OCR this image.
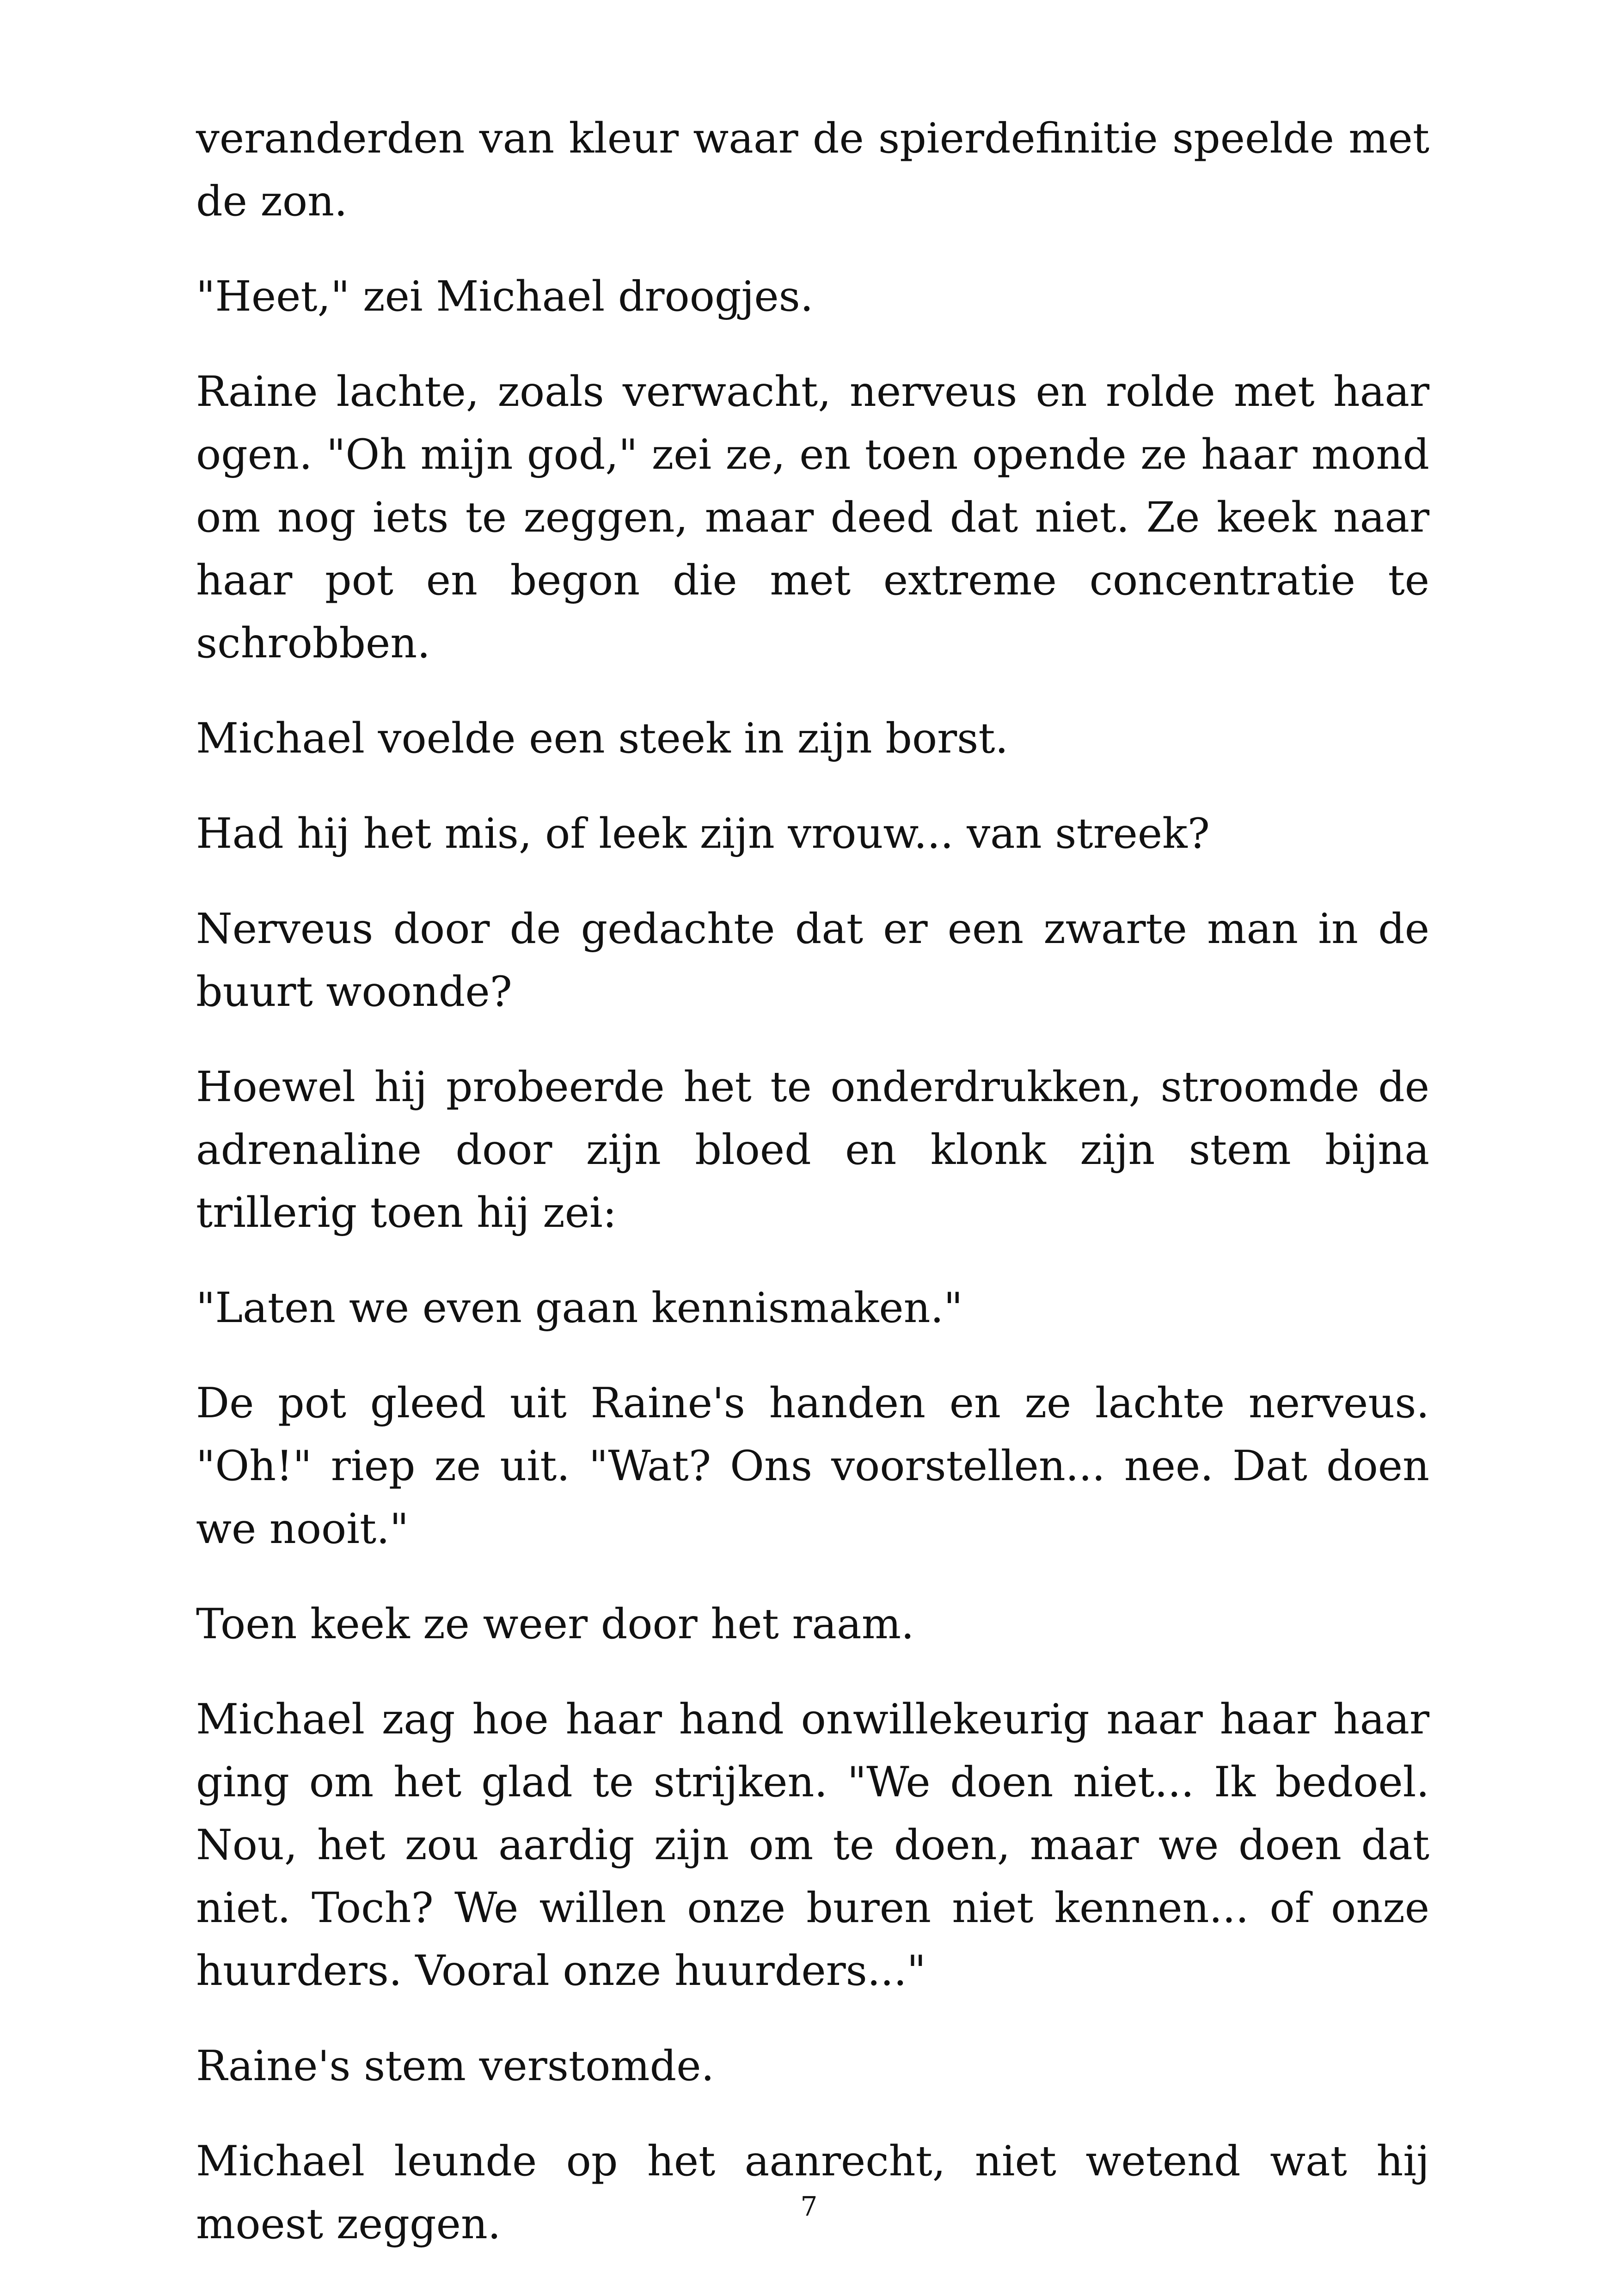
veranderden van kleur waar de spierdefinitie speelde met de zon.

"Heet," zei Michael droogjes.

Raine lachte, zoals verwacht, nerveus en rolde met haar ogen. "Oh mijn god," zei ze, en toen opende ze haar mond om nog iets te zeggen, maar deed dat niet. Ze keek naar haar pot en begon die met extreme concentratie te schrobben.

Michael voelde een steek in zijn borst.

Had hij het mis, of leek zijn vrouw... van streek?

Nerveus door de gedachte dat er een zwarte man in de buurt woonde?

Hoewel hij probeerde het te onderdrukken, stroomde de adrenaline door zijn bloed en klonk zijn stem bijna trillerig toen hij zei:

"Laten we even gaan kennismaken."

De pot gleed uit Raine's handen en ze lachte nerveus. "Oh!" riep ze uit. "Wat? Ons voorstellen... nee. Dat doen we nooit."

Toen keek ze weer door het raam.

Michael zag hoe haar hand onwillekeurig naar haar haar ging om het glad te strijken. "We doen niet... Ik bedoel. Nou, het zou aardig zijn om te doen, maar we doen dat niet. Toch? We willen onze buren niet kennen... of onze huurders. Vooral onze huurders..."

Raine's stem verstomde.

Michael leunde op het aanrecht, niet wetend wat hij moest zeggen.	7
